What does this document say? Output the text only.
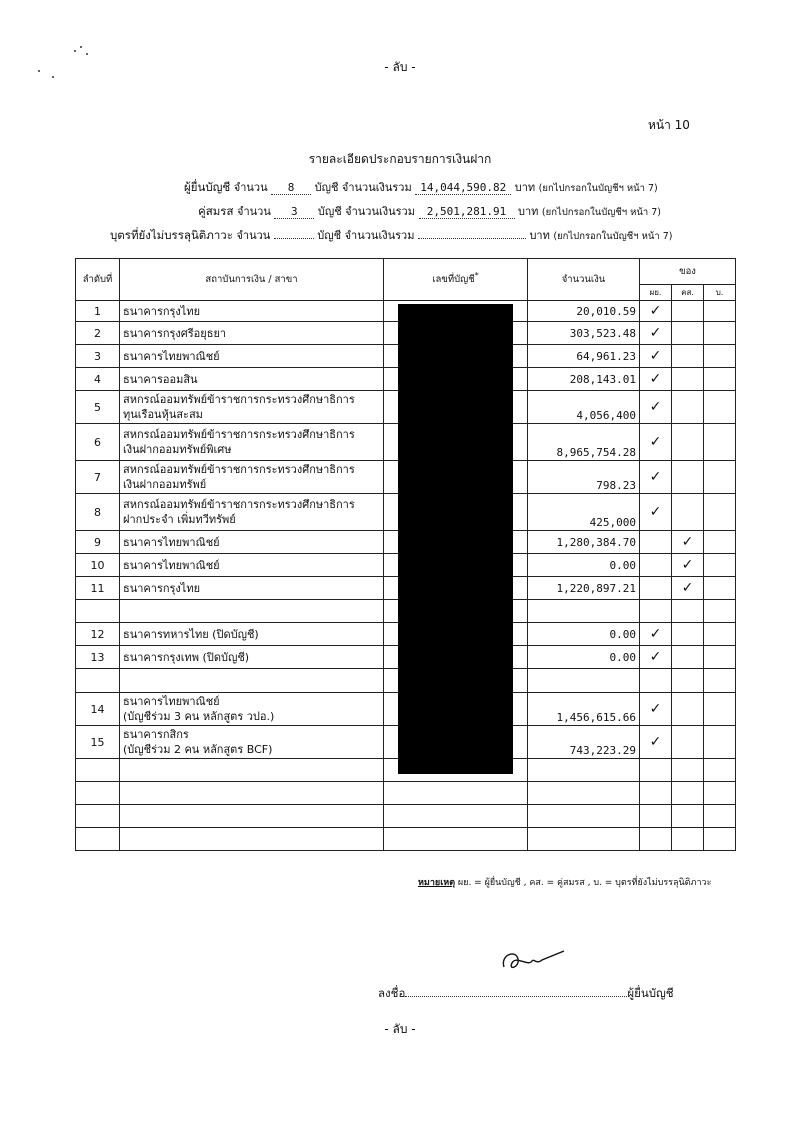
- ลับ -
หน้า 10
รายละเอียดประกอบรายการเงินฝาก
ผู้ยื่นบัญชี จำนวน 8 บัญชี จำนวนเงินรวม 14,044,590.82 บาท (ยกไปกรอกในบัญชีฯ หน้า 7)
คู่สมรส จำนวน 3 บัญชี จำนวนเงินรวม 2,501,281.91 บาท (ยกไปกรอกในบัญชีฯ หน้า 7)
บุตรที่ยังไม่บรรลุนิติภาวะ จำนวน	บัญชี จำนวนเงินรวม	บาท (ยกไปกรอกในบัญชีฯ หน้า 7)
ลำดับที่	สถาบันการเงิน / สาขา	เลขที่บัญชี*	จำนวนเงิน	ของ		
				ผย.	คส.	บ.
1	ธนาคารกรุงไทย		20,010.59	✓		
2	ธนาคารกรุงศรีอยุธยา		303,523.48	✓		
3	ธนาคารไทยพาณิชย์		64,961.23	✓		
4	ธนาคารออมสิน		208,143.01	✓		
5	สหกรณ์ออมทรัพย์ข้าราชการกระทรวงศึกษาธิการ
ทุนเรือนหุ้นสะสม		4,056,400	✓		
6	สหกรณ์ออมทรัพย์ข้าราชการกระทรวงศึกษาธิการ
เงินฝากออมทรัพย์พิเศษ		8,965,754.28	✓		
7	สหกรณ์ออมทรัพย์ข้าราชการกระทรวงศึกษาธิการ
เงินฝากออมทรัพย์		798.23	✓		
8	สหกรณ์ออมทรัพย์ข้าราชการกระทรวงศึกษาธิการ
ฝากประจำ เพิ่มทวีทรัพย์		425,000	✓		
9	ธนาคารไทยพาณิชย์		1,280,384.70		✓	
10	ธนาคารไทยพาณิชย์		0.00		✓	
11	ธนาคารกรุงไทย		1,220,897.21		✓	

12	ธนาคารทหารไทย (ปิดบัญชี)		0.00	✓		
13	ธนาคารกรุงเทพ (ปิดบัญชี)		0.00	✓		

14	ธนาคารไทยพาณิชย์
(บัญชีร่วม 3 คน หลักสูตร วปอ.)		1,456,615.66	✓		
15	ธนาคารกสิกร
(บัญชีร่วม 2 คน หลักสูตร BCF)		743,223.29	✓		

หมายเหตุ ผย. = ผู้ยื่นบัญชี , คส. = คู่สมรส , บ. = บุตรที่ยังไม่บรรลุนิติภาวะ
ลงชื่อ	ผู้ยื่นบัญชี
- ลับ -
